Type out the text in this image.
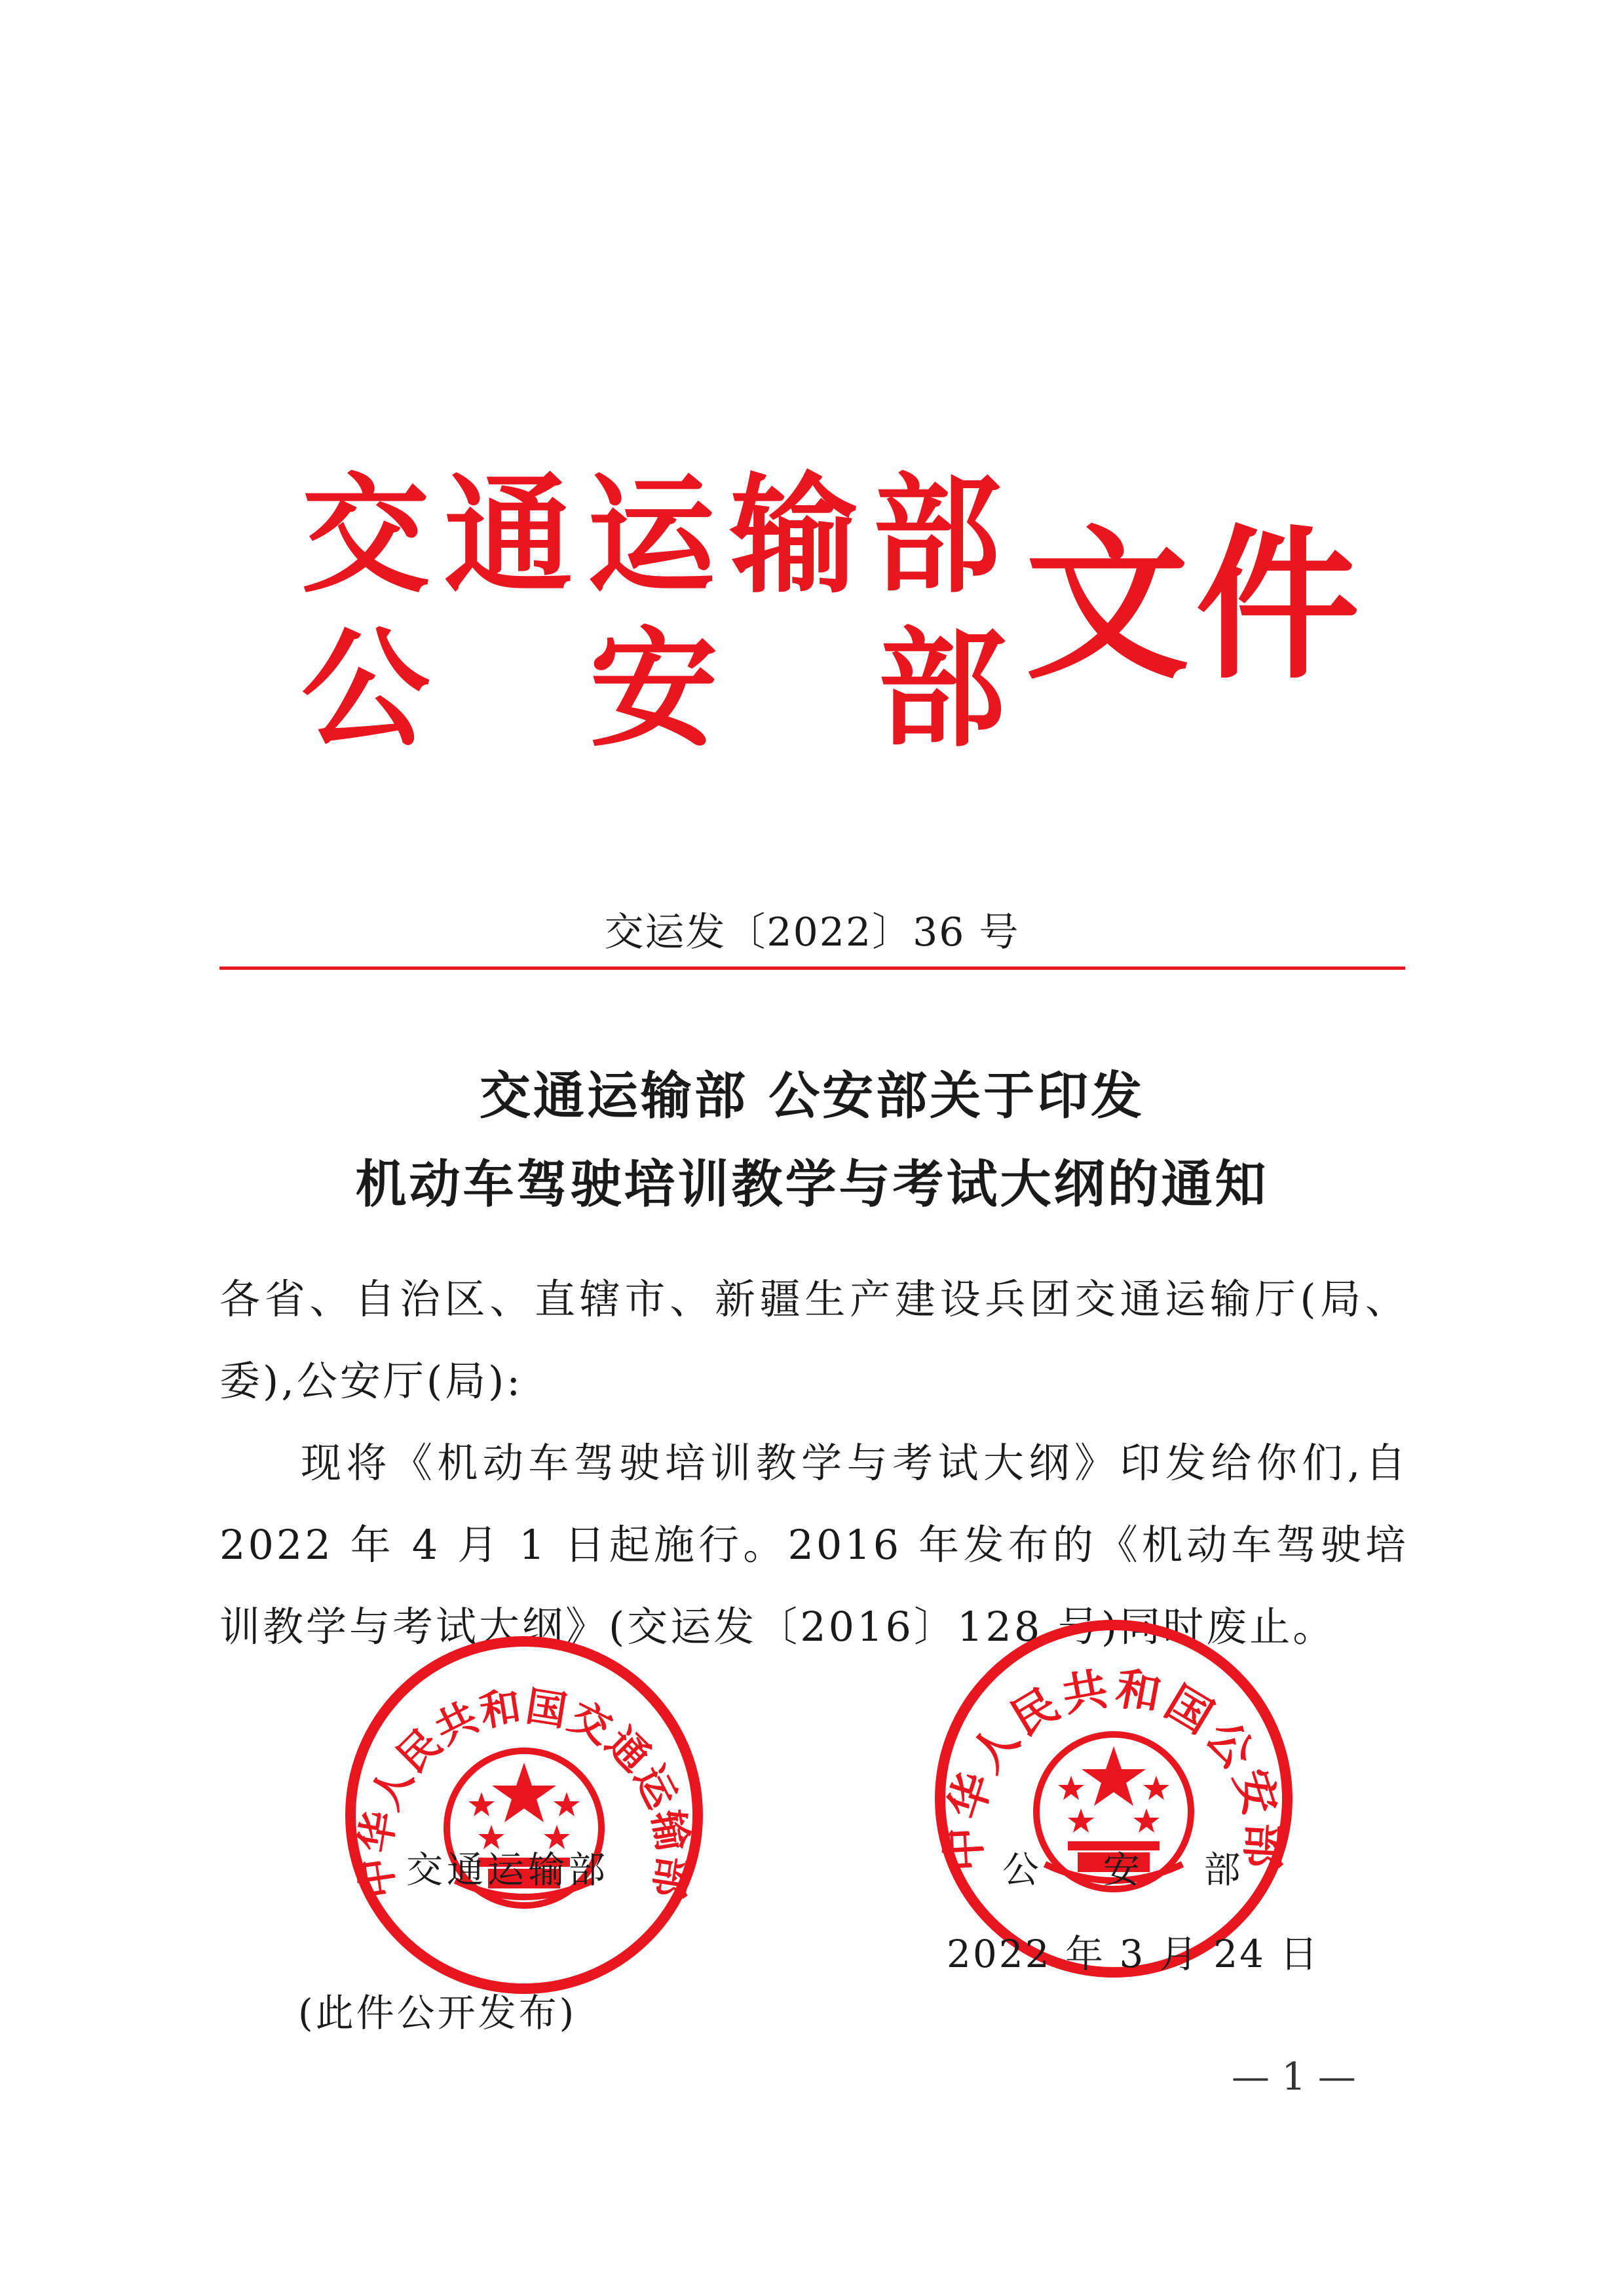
交通运输部
公 安 部 文件
交运发〔2022〕36 号
交通运输部 公安部关于印发
机动车驾驶培训教学与考试大纲的通知
各省、自治区、直辖市、新疆生产建设兵团交通运输厅(局、委),公安厅(局):
现将《机动车驾驶培训教学与考试大纲》印发给你们,自 2022 年 4 月 1 日起施行。2016 年发布的《机动车驾驶培训教学与考试大纲》(交运发〔2016〕128 号)同时废止。
中华人民共和国交通运输部
中华人民共和国公安部
交通运输部	公 安 部
2022 年 3 月 24 日
(此件公开发布)
— 1 —
